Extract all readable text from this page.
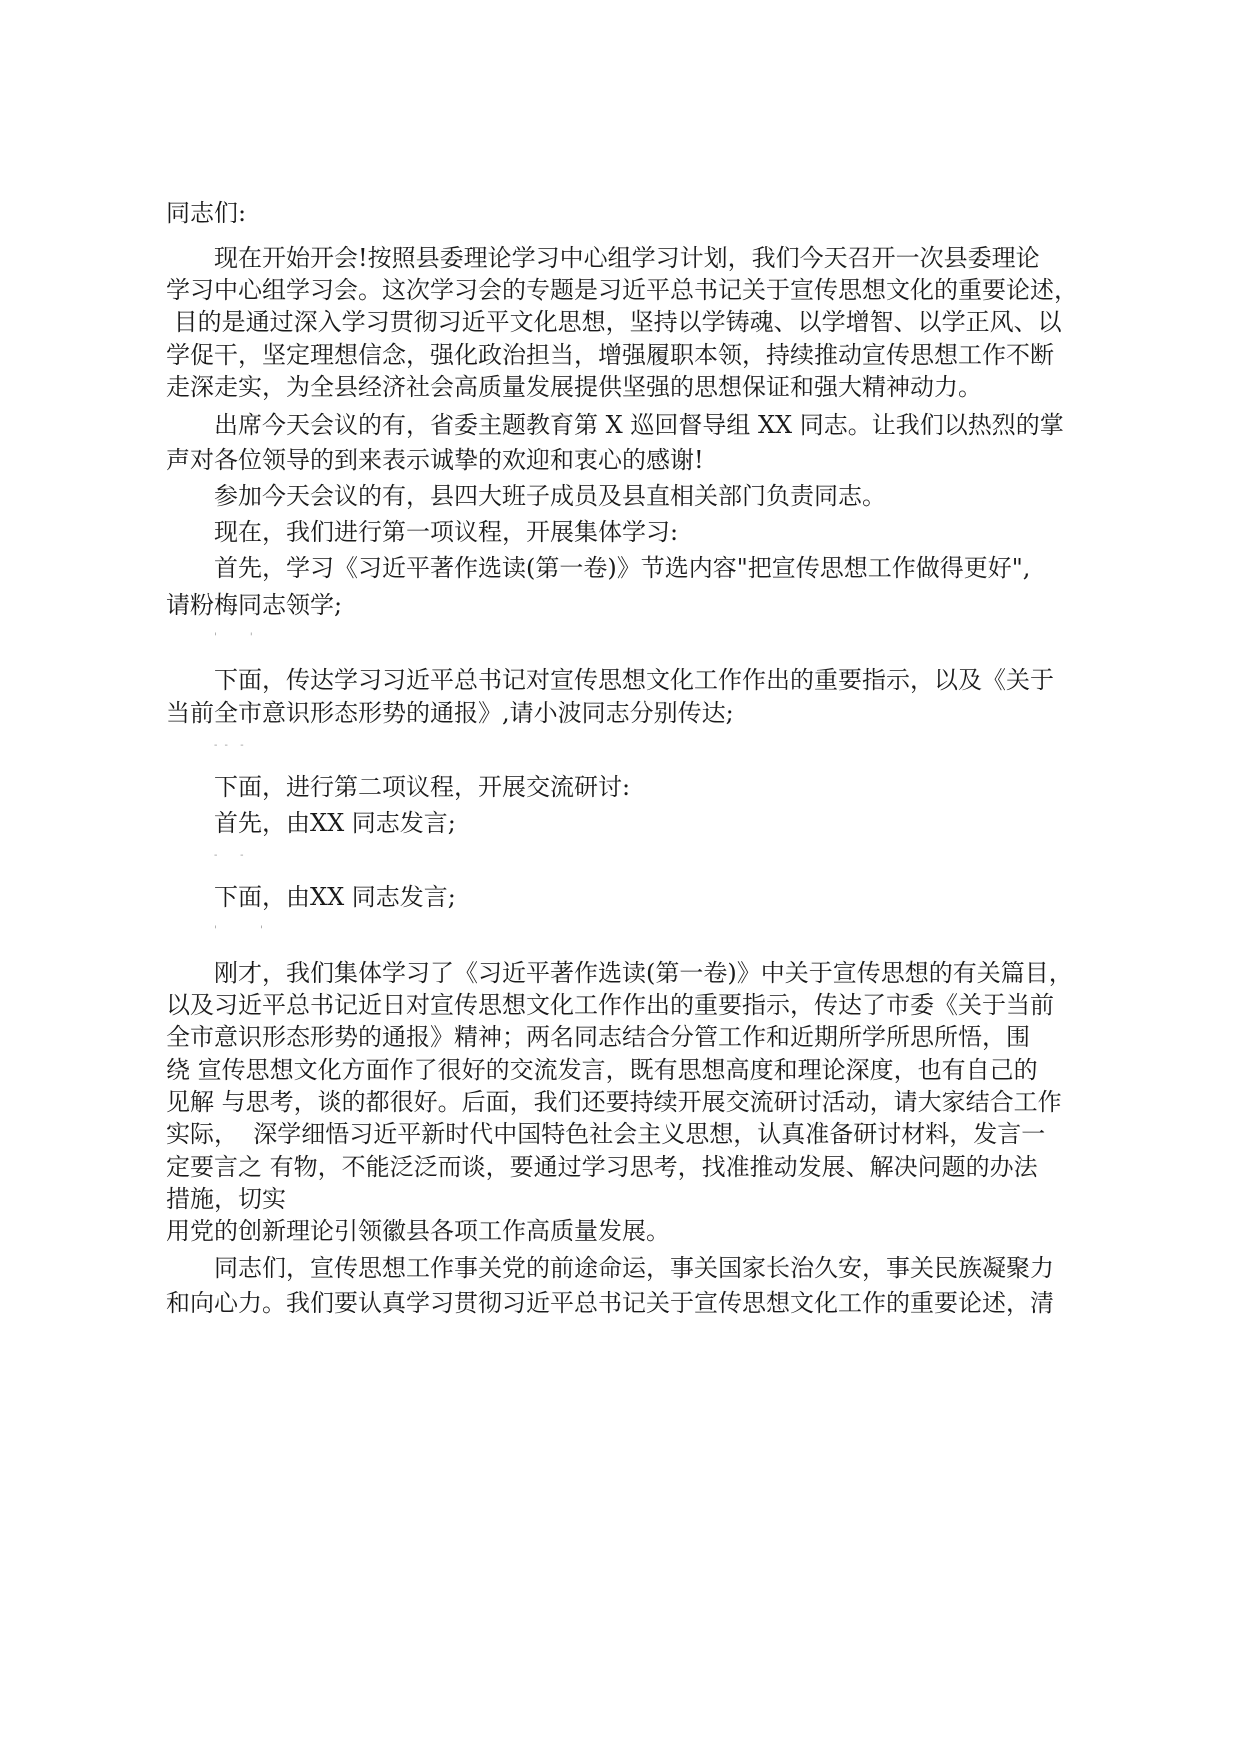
同志们:
现在开始开会!按照县委理论学习中心组学习计划，我们今天召开一次县委理论
学习中心组学习会。这次学习会的专题是习近平总书记关于宣传思想文化的重要论述，
目的是通过深入学习贯彻习近平文化思想，坚持以学铸魂、以学增智、以学正风、以
学促干，坚定理想信念，强化政治担当，增强履职本领，持续推动宣传思想工作不断
走深走实，为全县经济社会高质量发展提供坚强的思想保证和强大精神动力。
出席今天会议的有，省委主题教育第 X 巡回督导组 XX 同志。让我们以热烈的掌
声对各位领导的到来表示诚挚的欢迎和衷心的感谢!
参加今天会议的有，县四大班子成员及县直相关部门负责同志。
现在，我们进行第一项议程，开展集体学习:
首先，学习《习近平著作选读(第一卷)》节选内容"把宣传思想工作做得更好",
请粉梅同志领学;
'      '
下面，传达学习习近平总书记对宣传思想文化工作作出的重要指示，以及《关于
当前全市意识形态形势的通报》,请小波同志分别传达;
- -  -
下面，进行第二项议程，开展交流研讨:
首先，由XX 同志发言;
-    -
下面，由XX 同志发言;
'        '
刚才，我们集体学习了《习近平著作选读(第一卷)》中关于宣传思想的有关篇目，
以及习近平总书记近日对宣传思想文化工作作出的重要指示，传达了市委《关于当前
全市意识形态形势的通报》精神；两名同志结合分管工作和近期所学所思所悟，围
绕 宣传思想文化方面作了很好的交流发言，既有思想高度和理论深度，也有自己的
见解 与思考，谈的都很好。后面，我们还要持续开展交流研讨活动，请大家结合工作
实际，  深学细悟习近平新时代中国特色社会主义思想，认真准备研讨材料，发言一
定要言之 有物，不能泛泛而谈，要通过学习思考，找准推动发展、解决问题的办法
措施，切实
用党的创新理论引领徽县各项工作高质量发展。
同志们，宣传思想工作事关党的前途命运，事关国家长治久安，事关民族凝聚力
和向心力。我们要认真学习贯彻习近平总书记关于宣传思想文化工作的重要论述，清
